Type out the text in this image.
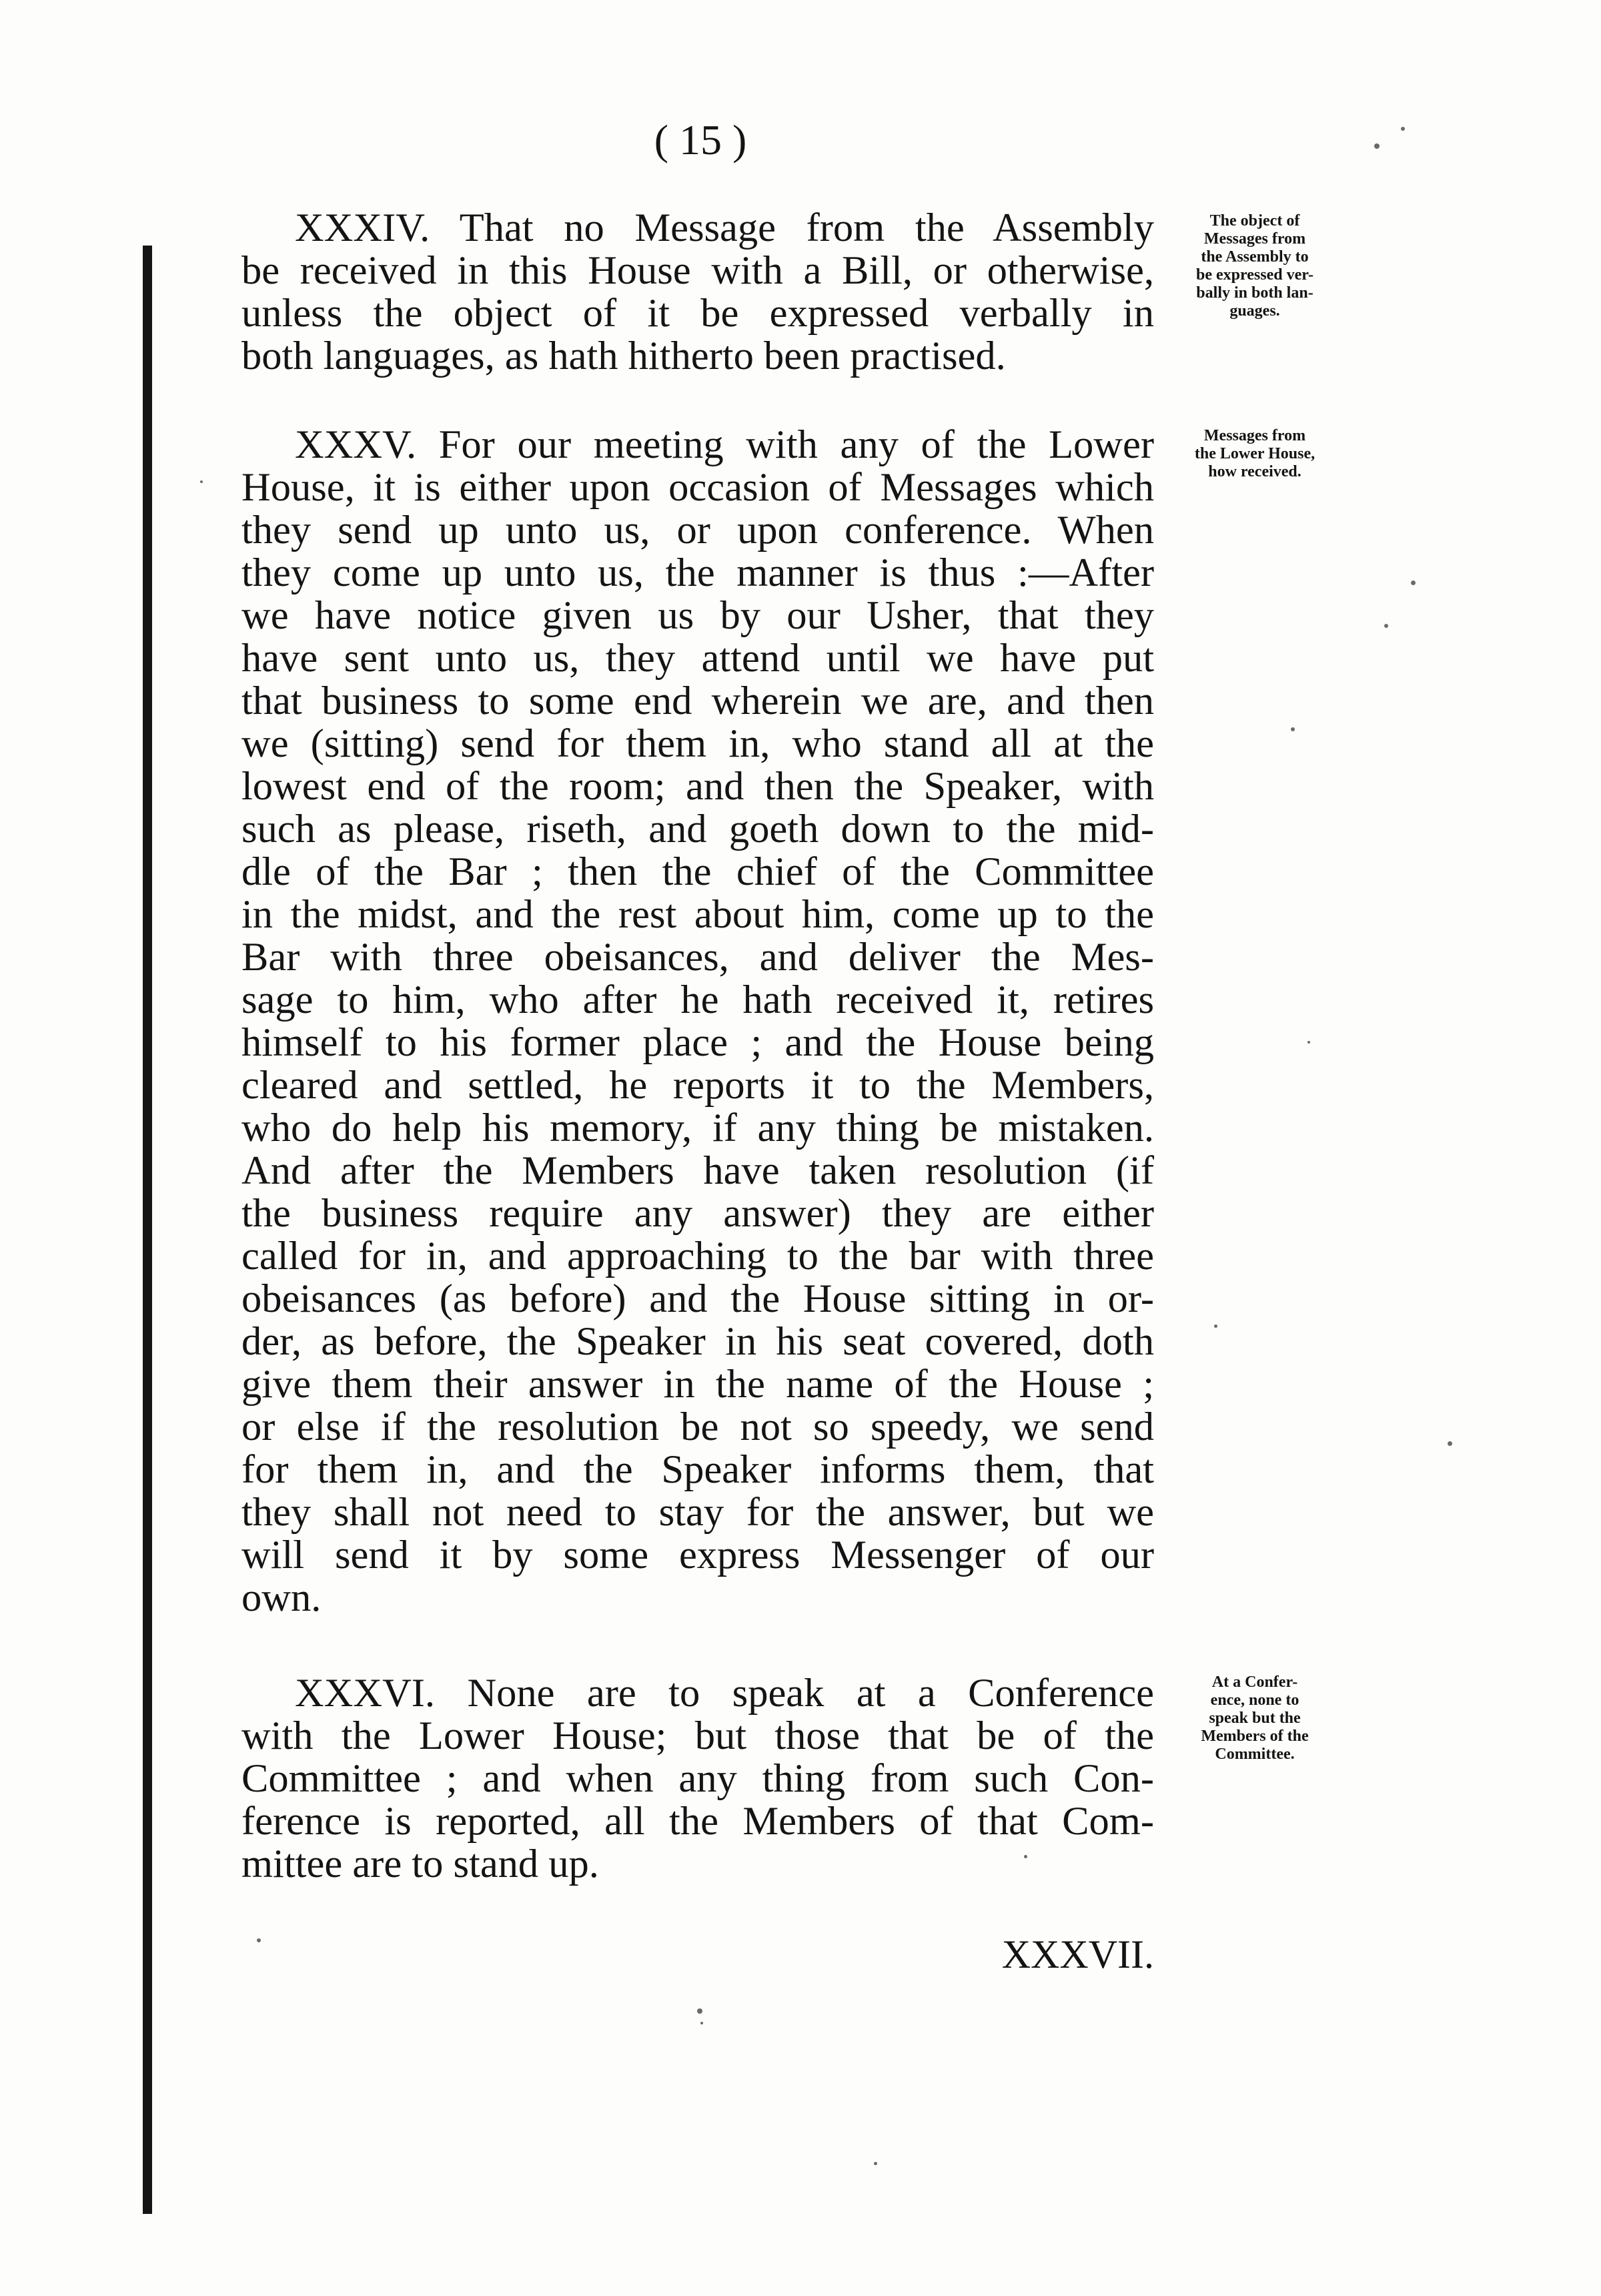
( 15 )
XXXIV. That no Message from the Assembly
be received in this House with a Bill, or otherwise,
unless the object of it be expressed verbally in
both languages, as hath hitherto been practised.
The object of
Messages from
the Assembly to
be expressed ver-
bally in both lan-
guages.
XXXV. For our meeting with any of the Lower
House, it is either upon occasion of Messages which
they send up unto us, or upon conference. When
they come up unto us, the manner is thus :—After
we have notice given us by our Usher, that they
have sent unto us, they attend until we have put
that business to some end wherein we are, and then
we (sitting) send for them in, who stand all at the
lowest end of the room; and then the Speaker, with
such as please, riseth, and goeth down to the mid-
dle of the Bar ; then the chief of the Committee
in the midst, and the rest about him, come up to the
Bar with three obeisances, and deliver the Mes-
sage to him, who after he hath received it, retires
himself to his former place ; and the House being
cleared and settled, he reports it to the Members,
who do help his memory, if any thing be mistaken.
And after the Members have taken resolution (if
the business require any answer) they are either
called for in, and approaching to the bar with three
obeisances (as before) and the House sitting in or-
der, as before, the Speaker in his seat covered, doth
give them their answer in the name of the House ;
or else if the resolution be not so speedy, we send
for them in, and the Speaker informs them, that
they shall not need to stay for the answer, but we
will send it by some express Messenger of our
own.
Messages from
the Lower House,
how received.
XXXVI. None are to speak at a Conference
with the Lower House; but those that be of the
Committee ; and when any thing from such Con-
ference is reported, all the Members of that Com-
mittee are to stand up.
At a Confer-
ence, none to
speak but the
Members of the
Committee.
XXXVII.
